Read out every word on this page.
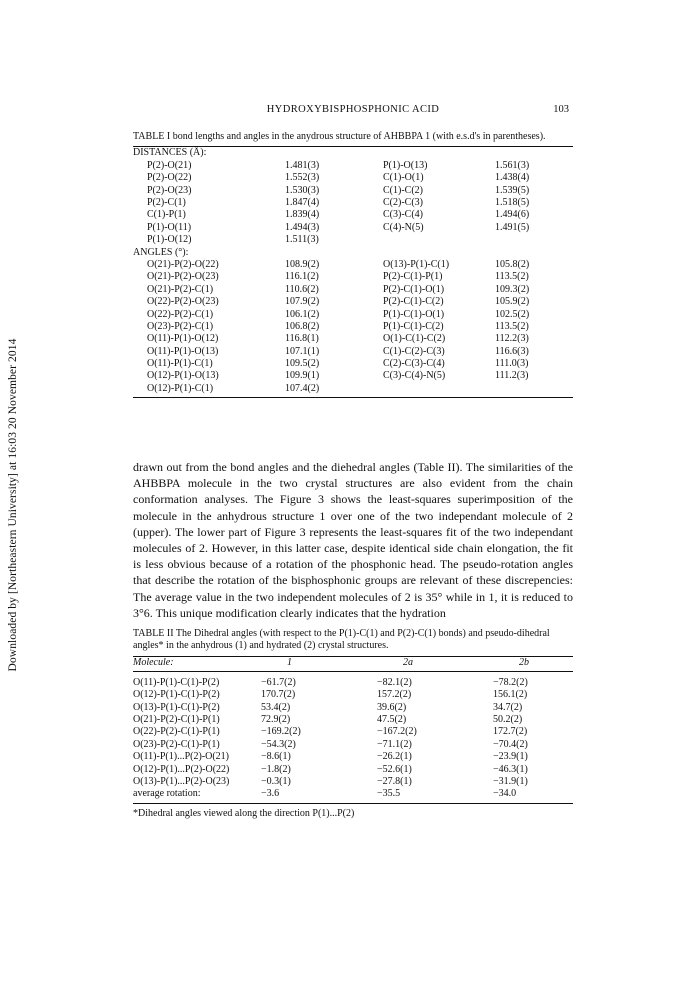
Downloaded by [Northeastern University] at 16:03 20 November 2014
HYDROXYBISPHOSPHONIC ACID	103
TABLE I bond lengths and angles in the anydrous structure of AHBBPA 1 (with e.s.d's in parentheses).
DISTANCES (Å):
P(2)-O(21)	1.481(3)	P(1)-O(13)	1.561(3)
P(2)-O(22)	1.552(3)	C(1)-O(1)	1.438(4)
P(2)-O(23)	1.530(3)	C(1)-C(2)	1.539(5)
P(2)-C(1)	1.847(4)	C(2)-C(3)	1.518(5)
C(1)-P(1)	1.839(4)	C(3)-C(4)	1.494(6)
P(1)-O(11)	1.494(3)	C(4)-N(5)	1.491(5)
P(1)-O(12)	1.511(3)
ANGLES (°):
O(21)-P(2)-O(22)	108.9(2)	O(13)-P(1)-C(1)	105.8(2)
O(21)-P(2)-O(23)	116.1(2)	P(2)-C(1)-P(1)	113.5(2)
O(21)-P(2)-C(1)	110.6(2)	P(2)-C(1)-O(1)	109.3(2)
O(22)-P(2)-O(23)	107.9(2)	P(2)-C(1)-C(2)	105.9(2)
O(22)-P(2)-C(1)	106.1(2)	P(1)-C(1)-O(1)	102.5(2)
O(23)-P(2)-C(1)	106.8(2)	P(1)-C(1)-C(2)	113.5(2)
O(11)-P(1)-O(12)	116.8(1)	O(1)-C(1)-C(2)	112.2(3)
O(11)-P(1)-O(13)	107.1(1)	C(1)-C(2)-C(3)	116.6(3)
O(11)-P(1)-C(1)	109.5(2)	C(2)-C(3)-C(4)	111.0(3)
O(12)-P(1)-O(13)	109.9(1)	C(3)-C(4)-N(5)	111.2(3)
O(12)-P(1)-C(1)	107.4(2)

drawn out from the bond angles and the diehedral angles (Table II). The similarities of the AHBBPA molecule in the two crystal structures are also evident from the chain conformation analyses. The Figure 3 shows the least-squares superimposition of the molecule in the anhydrous structure 1 over one of the two independant molecule of 2 (upper). The lower part of Figure 3 represents the least-squares fit of the two independant molecules of 2. However, in this latter case, despite identical side chain elongation, the fit is less obvious because of a rotation of the phosphonic head. The pseudo-rotation angles that describe the rotation of the bisphosphonic groups are relevant of these discrepencies: The average value in the two independent molecules of 2 is 35° while in 1, it is reduced to 3°6. This unique modification clearly indicates that the hydration

TABLE II The Dihedral angles (with respect to the P(1)-C(1) and P(2)-C(1) bonds) and pseudo-dihedral angles* in the anhydrous (1) and hydrated (2) crystal structures.
Molecule:	1	2a	2b
O(11)-P(1)-C(1)-P(2)	−61.7(2)	−82.1(2)	−78.2(2)
O(12)-P(1)-C(1)-P(2)	170.7(2)	157.2(2)	156.1(2)
O(13)-P(1)-C(1)-P(2)	53.4(2)	39.6(2)	34.7(2)
O(21)-P(2)-C(1)-P(1)	72.9(2)	47.5(2)	50.2(2)
O(22)-P(2)-C(1)-P(1)	−169.2(2)	−167.2(2)	172.7(2)
O(23)-P(2)-C(1)-P(1)	−54.3(2)	−71.1(2)	−70.4(2)
O(11)-P(1)...P(2)-O(21)	−8.6(1)	−26.2(1)	−23.9(1)
O(12)-P(1)...P(2)-O(22)	−1.8(2)	−52.6(1)	−46.3(1)
O(13)-P(1)...P(2)-O(23)	−0.3(1)	−27.8(1)	−31.9(1)
average rotation:	−3.6	−35.5	−34.0
*Dihedral angles viewed along the direction P(1)...P(2)
